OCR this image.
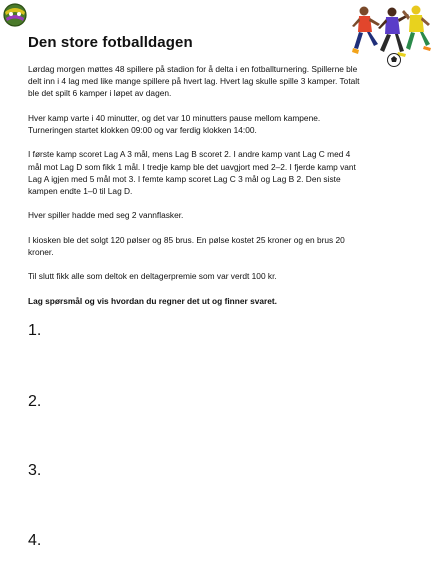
Den store fotballdagen

Lørdag morgen møttes 48 spillere på stadion for å delta i en fotballturnering. Spillerne ble delt inn i 4 lag med like mange spillere på hvert lag. Hvert lag skulle spille 3 kamper. Totalt ble det spilt 6 kamper i løpet av dagen.

Hver kamp varte i 40 minutter, og det var 10 minutters pause mellom kampene. Turneringen startet klokken 09:00 og var ferdig klokken 14:00.

I første kamp scoret Lag A 3 mål, mens Lag B scoret 2. I andre kamp vant Lag C med 4 mål mot Lag D som fikk 1 mål. I tredje kamp ble det uavgjort med 2–2. I fjerde kamp vant Lag A igjen med 5 mål mot 3. I femte kamp scoret Lag C 3 mål og Lag B 2. Den siste kampen endte 1–0 til Lag D.

Hver spiller hadde med seg 2 vannflasker.

I kiosken ble det solgt 120 pølser og 85 brus. En pølse kostet 25 kroner og en brus 20 kroner.

Til slutt fikk alle som deltok en deltagerpremie som var verdt 100 kr.

Lag spørsmål og vis hvordan du regner det ut og finner svaret.

1.
2.
3.
4.
